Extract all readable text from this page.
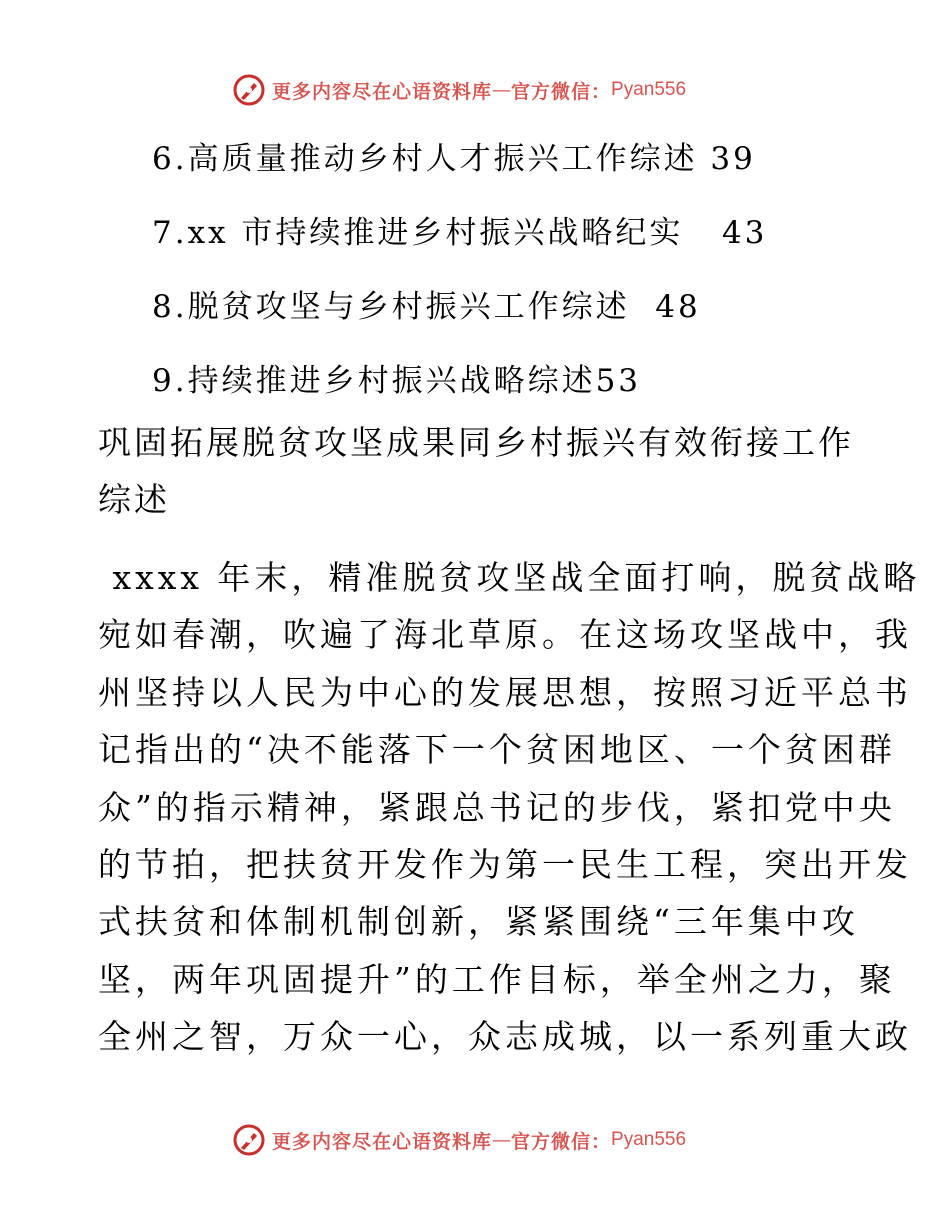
更多内容尽在心语资料库 — 官方微信： Pyan556
6.高质量推动乡村人才振兴工作综述 39
7.xx 市持续推进乡村振兴战略纪实   43
8.脱贫攻坚与乡村振兴工作综述  48
9.持续推进乡村振兴战略综述53
巩固拓展脱贫攻坚成果同乡村振兴有效衔接工作综述
xxxx 年末，精准脱贫攻坚战全面打响，脱贫战略
宛如春潮，吹遍了海北草原。在这场攻坚战中，我
州坚持以人民为中心的发展思想，按照习近平总书
记指出的“决不能落下一个贫困地区、一个贫困群
众”的指示精神，紧跟总书记的步伐，紧扣党中央
的节拍，把扶贫开发作为第一民生工程，突出开发
式扶贫和体制机制创新，紧紧围绕“三年集中攻
坚，两年巩固提升”的工作目标，举全州之力，聚
全州之智，万众一心，众志成城，以一系列重大政
更多内容尽在心语资料库 — 官方微信： Pyan556
